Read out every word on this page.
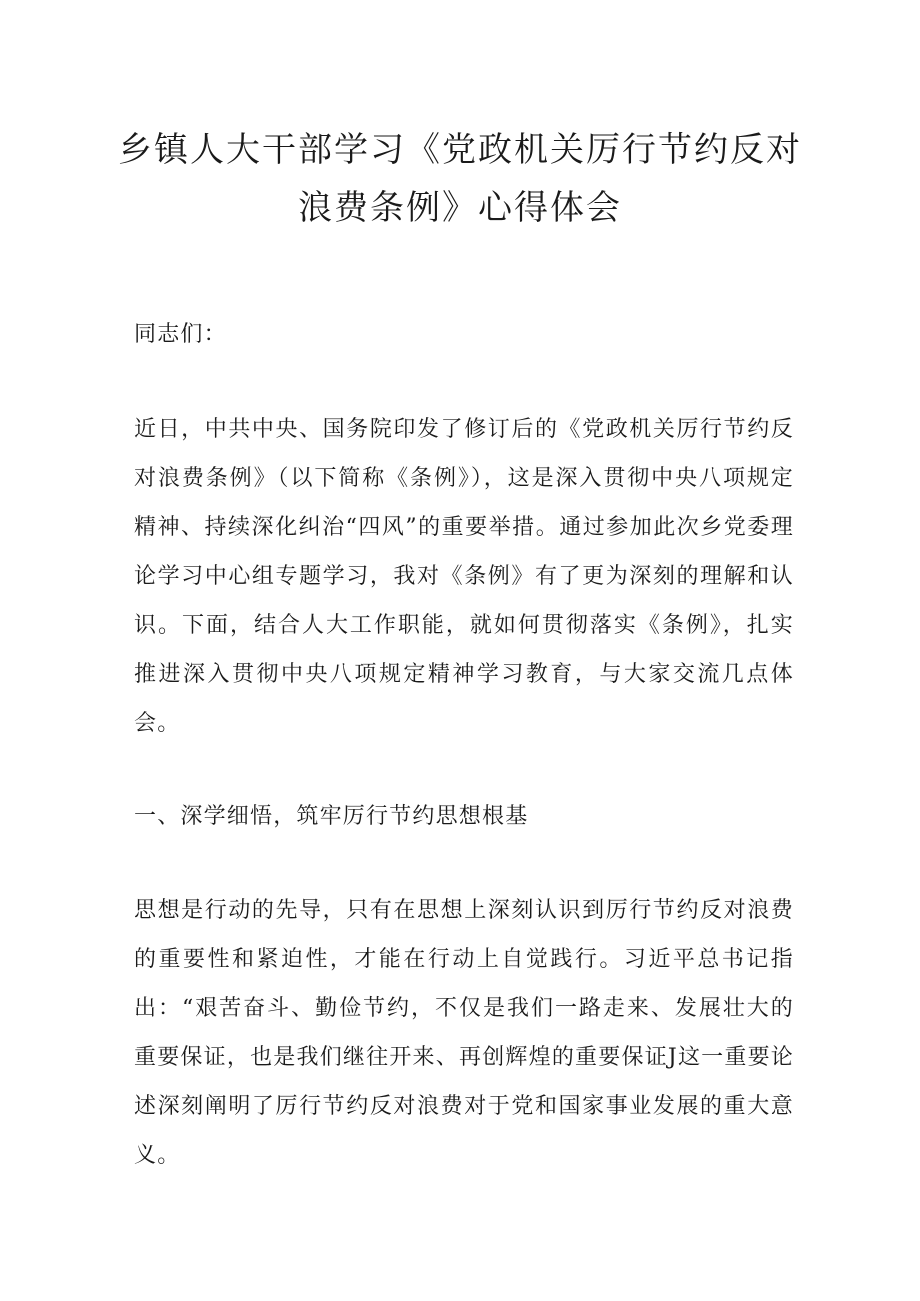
乡镇人大干部学习《党政机关厉行节约反对
浪费条例》心得体会

同志们：

近日，中共中央、国务院印发了修订后的《党政机关厉行节约反对浪费条例》（以下简称《条例》），这是深入贯彻中央八项规定精神、持续深化纠治“四风”的重要举措。通过参加此次乡党委理论学习中心组专题学习，我对《条例》有了更为深刻的理解和认识。下面，结合人大工作职能，就如何贯彻落实《条例》，扎实推进深入贯彻中央八项规定精神学习教育，与大家交流几点体会。

一、深学细悟，筑牢厉行节约思想根基

思想是行动的先导，只有在思想上深刻认识到厉行节约反对浪费的重要性和紧迫性，才能在行动上自觉践行。习近平总书记指出：“艰苦奋斗、勤俭节约，不仅是我们一路走来、发展壮大的重要保证，也是我们继往开来、再创辉煌的重要保证J这一重要论述深刻阐明了厉行节约反对浪费对于党和国家事业发展的重大意义。
